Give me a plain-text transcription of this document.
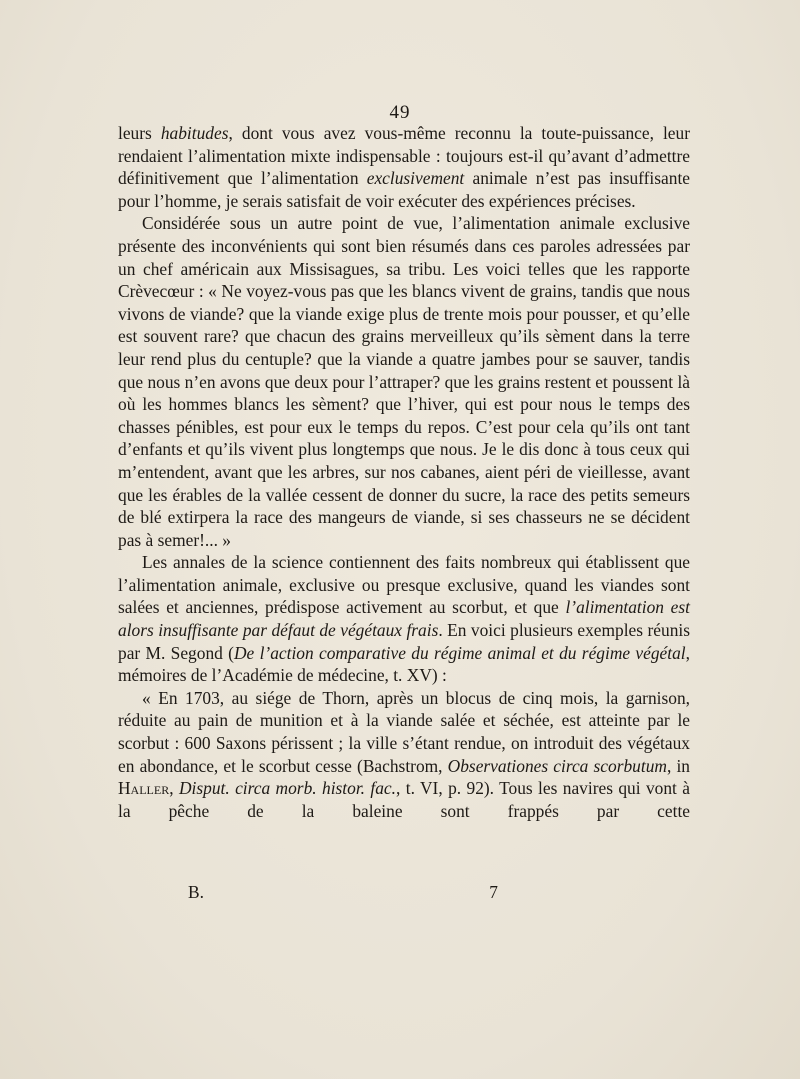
49

leurs habitudes, dont vous avez vous-même reconnu la toute-puissance, leur rendaient l’alimentation mixte indispensable : toujours est-il qu’avant d’admettre définitivement que l’alimentation exclusivement animale n’est pas insuffisante pour l’homme, je serais satisfait de voir exécuter des expériences précises.

Considérée sous un autre point de vue, l’alimentation animale exclusive présente des inconvénients qui sont bien résumés dans ces paroles adressées par un chef américain aux Missisagues, sa tribu. Les voici telles que les rapporte Crèvecœur : « Ne voyez-vous pas que les blancs vivent de grains, tandis que nous vivons de viande? que la viande exige plus de trente mois pour pousser, et qu’elle est souvent rare? que chacun des grains merveilleux qu’ils sèment dans la terre leur rend plus du centuple? que la viande a quatre jambes pour se sauver, tandis que nous n’en avons que deux pour l’attraper? que les grains restent et poussent là où les hommes blancs les sèment? que l’hiver, qui est pour nous le temps des chasses pénibles, est pour eux le temps du repos. C’est pour cela qu’ils ont tant d’enfants et qu’ils vivent plus longtemps que nous. Je le dis donc à tous ceux qui m’entendent, avant que les arbres, sur nos cabanes, aient péri de vieillesse, avant que les érables de la vallée cessent de donner du sucre, la race des petits semeurs de blé extirpera la race des mangeurs de viande, si ses chasseurs ne se décident pas à semer!... »

Les annales de la science contiennent des faits nombreux qui établissent que l’alimentation animale, exclusive ou presque exclusive, quand les viandes sont salées et anciennes, prédispose activement au scorbut, et que l’alimentation est alors insuffisante par défaut de végétaux frais. En voici plusieurs exemples réunis par M. Segond (De l’action comparative du régime animal et du régime végétal, mémoires de l’Académie de médecine, t. XV) :

« En 1703, au siége de Thorn, après un blocus de cinq mois, la garnison, réduite au pain de munition et à la viande salée et séchée, est atteinte par le scorbut : 600 Saxons périssent ; la ville s’étant rendue, on introduit des végétaux en abondance, et le scorbut cesse (Bachstrom, Observationes circa scorbutum, in Haller, Disput. circa morb. histor. fac., t. VI, p. 92). Tous les navires qui vont à la pêche de la baleine sont frappés par cette

B.	7
